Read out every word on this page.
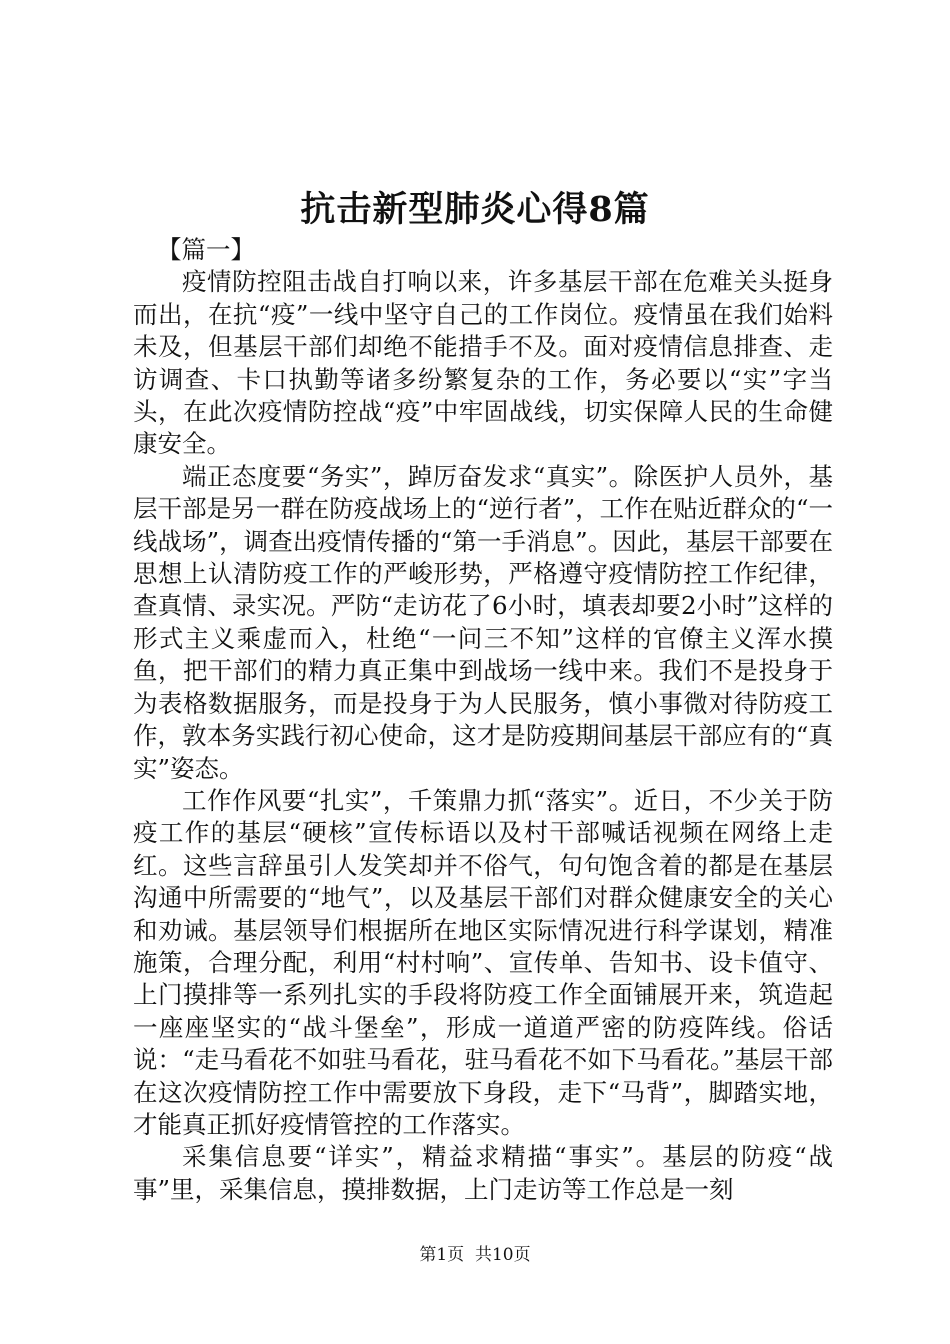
抗击新型肺炎心得8篇

【篇一】

疫情防控阻击战自打响以来，许多基层干部在危难关头挺身而出，在抗“疫”一线中坚守自己的工作岗位。疫情虽在我们始料未及，但基层干部们却绝不能措手不及。面对疫情信息排查、走访调查、卡口执勤等诸多纷繁复杂的工作，务必要以“实”字当头，在此次疫情防控战“疫”中牢固战线，切实保障人民的生命健康安全。

端正态度要“务实”，踔厉奋发求“真实”。除医护人员外，基层干部是另一群在防疫战场上的“逆行者”，工作在贴近群众的“一线战场”，调查出疫情传播的“第一手消息”。因此，基层干部要在思想上认清防疫工作的严峻形势，严格遵守疫情防控工作纪律，查真情、录实况。严防“走访花了6小时，填表却要2小时”这样的形式主义乘虚而入，杜绝“一问三不知”这样的官僚主义浑水摸鱼，把干部们的精力真正集中到战场一线中来。我们不是投身于为表格数据服务，而是投身于为人民服务，慎小事微对待防疫工作，敦本务实践行初心使命，这才是防疫期间基层干部应有的“真实”姿态。

工作作风要“扎实”，千策鼎力抓“落实”。近日，不少关于防疫工作的基层“硬核”宣传标语以及村干部喊话视频在网络上走红。这些言辞虽引人发笑却并不俗气，句句饱含着的都是在基层沟通中所需要的“地气”，以及基层干部们对群众健康安全的关心和劝诫。基层领导们根据所在地区实际情况进行科学谋划，精准施策，合理分配，利用“村村响”、宣传单、告知书、设卡值守、上门摸排等一系列扎实的手段将防疫工作全面铺展开来，筑造起一座座坚实的“战斗堡垒”，形成一道道严密的防疫阵线。俗话说：“走马看花不如驻马看花，驻马看花不如下马看花。”基层干部在这次疫情防控工作中需要放下身段，走下“马背”，脚踏实地，才能真正抓好疫情管控的工作落实。

采集信息要“详实”，精益求精描“事实”。基层的防疫“战事”里，采集信息，摸排数据，上门走访等工作总是一刻

第1页  共10页
